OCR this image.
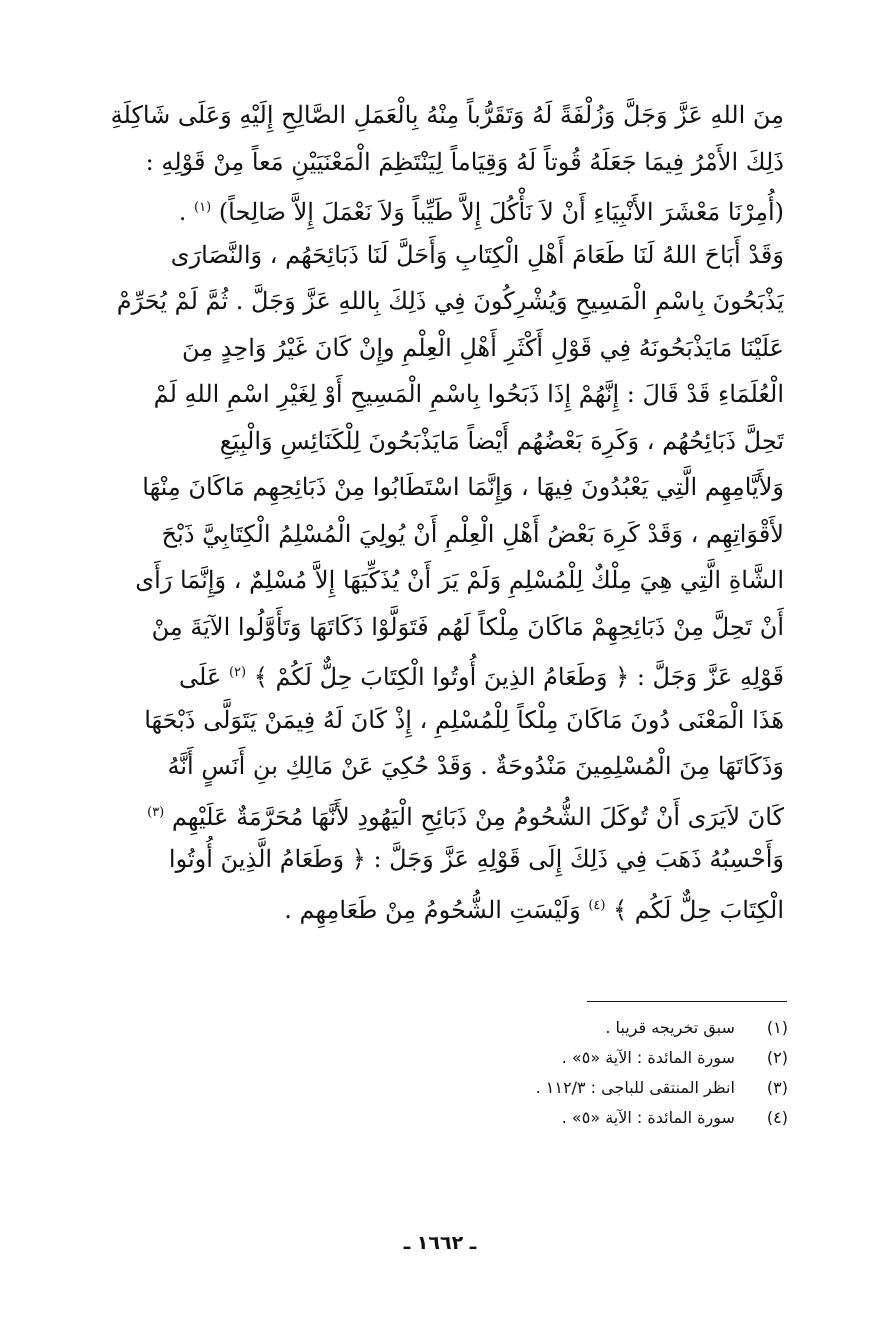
مِنَ اللهِ عَزَّ وَجَلَّ وَزُلْفَةً لَهُ وَتَقَرُّباً مِنْهُ بِالْعَمَلِ الصَّالِحِ إِلَيْهِ وَعَلَى شَاكِلَةِ
ذَلِكَ الأَمْرُ فِيمَا جَعَلَهُ قُوتاً لَهُ وَقِيَاماً لِيَنْتَظِمَ الْمَعْنَيَيْنِ مَعاً مِنْ قَوْلِهِ :
(أُمِرْنَا مَعْشَرَ الأَنْبِيَاءِ أَنْ لاَ نَأْكُلَ إِلاَّ طَيِّباً وَلاَ نَعْمَلَ إِلاَّ صَالِحاً) $^{(١)}$ .
وَقَدْ أَبَاحَ اللهُ لَنَا طَعَامَ أَهْلِ الْكِتَابِ وَأَحَلَّ لَنَا ذَبَائِحَهُم ، وَالنَّصَارَى
يَذْبَحُونَ بِاسْمِ الْمَسِيحِ وَيُشْرِكُونَ فِي ذَلِكَ بِاللهِ عَزَّ وَجَلَّ . ثُمَّ لَمْ يُحَرِّمْ
عَلَيْنَا مَايَذْبَحُونَهُ فِي قَوْلِ أَكْثَرِ أَهْلِ الْعِلْمِ وإِنْ كَانَ غَيْرُ وَاحِدٍ مِنَ
الْعُلَمَاءِ قَدْ قَالَ : إِنَّهُمْ إِذَا ذَبَحُوا بِاسْمِ الْمَسِيحِ أَوْ لِغَيْرِ اسْمِ اللهِ لَمْ
تَحِلَّ ذَبَائِحُهُم ، وَكَرِهَ بَعْضُهُم أَيْضاً مَايَذْبَحُونَ لِلْكَنَائِسِ وَالْبِيَعِ
وَلأَيَّامِهِم الَّتِي يَعْبُدُونَ فِيهَا ، وَإِنَّمَا اسْتَطَابُوا مِنْ ذَبَائِحِهِم مَاكَانَ مِنْهَا
لأَقْوَاتِهِم ، وَقَدْ كَرِهَ بَعْضُ أَهْلِ الْعِلْمِ أَنْ يُولِيَ الْمُسْلِمُ الْكِتَابِيَّ ذَبْحَ
الشَّاةِ الَّتِي هِيَ مِلْكٌ لِلْمُسْلِمِ وَلَمْ يَرَ أَنْ يُذَكِّيَهَا إِلاَّ مُسْلِمٌ ، وَإِنَّمَا رَأَى
أَنْ تَحِلَّ مِنْ ذَبَائِحِهِمْ مَاكَانَ مِلْكاً لَهُم فَتَوَلَّوْا ذَكَاتَهَا وَتَأَوَّلُوا الآيَةَ مِنْ
قَوْلِهِ عَزَّ وَجَلَّ : ﴿ وَطَعَامُ الذِينَ أُوتُوا الْكِتَابَ حِلٌّ لَكُمْ ﴾ $^{(٢)}$ عَلَى
هَذَا الْمَعْنَى دُونَ مَاكَانَ مِلْكاً لِلْمُسْلِمِ ، إِذْ كَانَ لَهُ فِيمَنْ يَتَوَلَّى ذَبْحَهَا
وَذَكَاتَهَا مِنَ الْمُسْلِمِينَ مَنْدُوحَةٌ . وَقَدْ حُكِيَ عَنْ مَالِكِ بنِ أَنَسٍ أَنَّهُ
كَانَ لاَيَرَى أَنْ تُوكَلَ الشُّحُومُ مِنْ ذَبَائِحِ الْيَهُودِ لأَنَّهَا مُحَرَّمَةٌ عَلَيْهِم $^{(٣)}$
وَأَحْسِبُهُ ذَهَبَ فِي ذَلِكَ إِلَى قَوْلِهِ عَزَّ وَجَلَّ : ﴿ وَطَعَامُ الَّذِينَ أُوتُوا
الْكِتَابَ حِلٌّ لَكُم ﴾ $^{(٤)}$ وَلَيْسَتِ الشُّحُومُ مِنْ طَعَامِهِم .
(١) سبق تخريجه قريبا .
(٢) سورة المائدة : الآية «٥» .
(٣) انظر المنتقى للباجى : ١١٢/٣ .
(٤) سورة المائدة : الآية «٥» .
ـ ١٦٦٢ ـ
